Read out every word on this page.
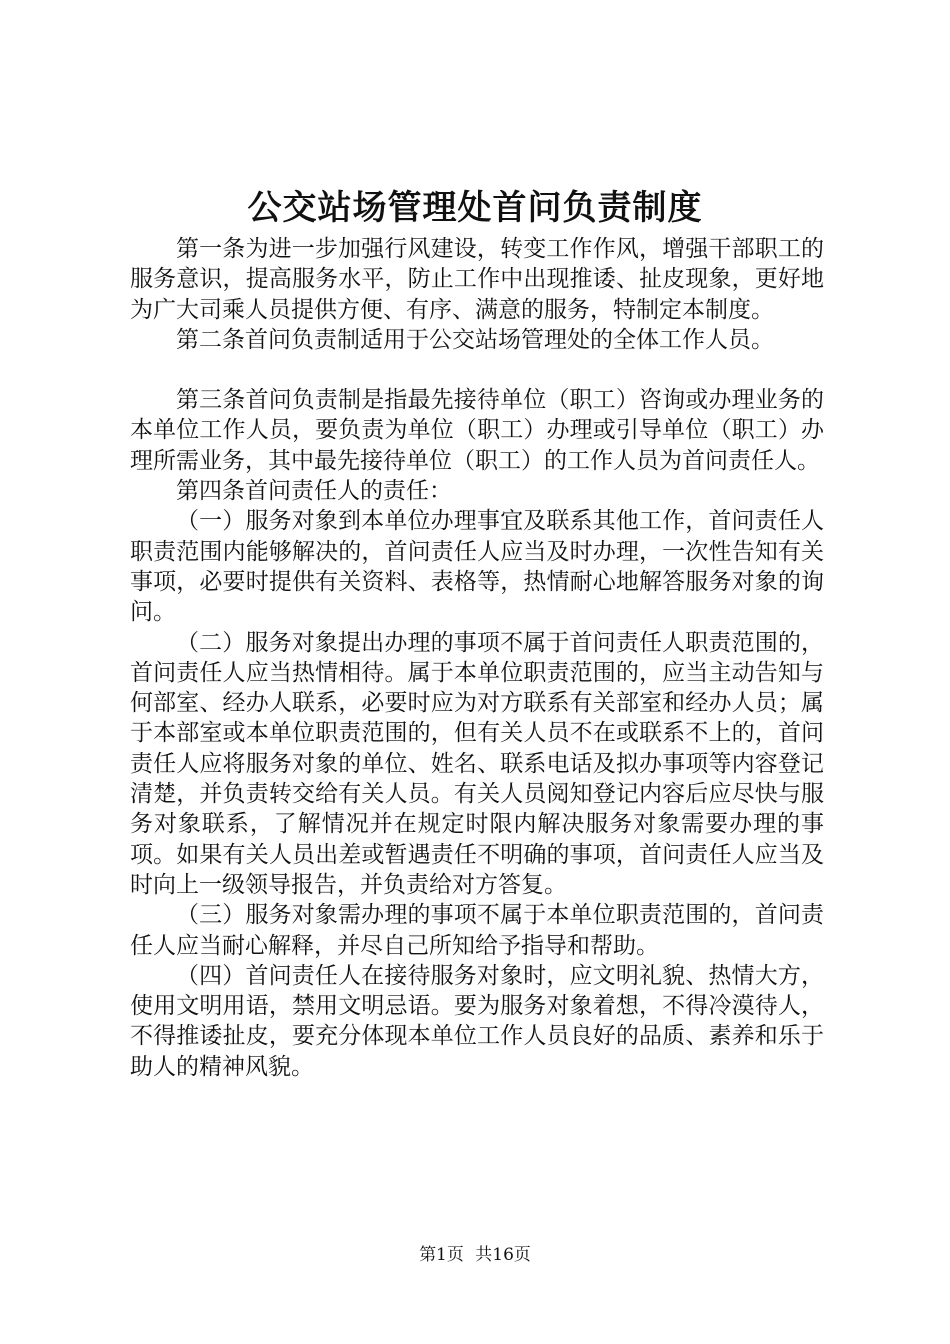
公交站场管理处首问负责制度

第一条为进一步加强行风建设，转变工作作风，增强干部职工的服务意识，提高服务水平，防止工作中出现推诿、扯皮现象，更好地为广大司乘人员提供方便、有序、满意的服务，特制定本制度。

第二条首问负责制适用于公交站场管理处的全体工作人员。

第三条首问负责制是指最先接待单位（职工）咨询或办理业务的本单位工作人员，要负责为单位（职工）办理或引导单位（职工）办理所需业务，其中最先接待单位（职工）的工作人员为首问责任人。

第四条首问责任人的责任：

（一）服务对象到本单位办理事宜及联系其他工作，首问责任人职责范围内能够解决的，首问责任人应当及时办理，一次性告知有关事项，必要时提供有关资料、表格等，热情耐心地解答服务对象的询问。

（二）服务对象提出办理的事项不属于首问责任人职责范围的，首问责任人应当热情相待。属于本单位职责范围的，应当主动告知与何部室、经办人联系，必要时应为对方联系有关部室和经办人员；属于本部室或本单位职责范围的，但有关人员不在或联系不上的，首问责任人应将服务对象的单位、姓名、联系电话及拟办事项等内容登记清楚，并负责转交给有关人员。有关人员阅知登记内容后应尽快与服务对象联系，了解情况并在规定时限内解决服务对象需要办理的事项。如果有关人员出差或暂遇责任不明确的事项，首问责任人应当及时向上一级领导报告，并负责给对方答复。

（三）服务对象需办理的事项不属于本单位职责范围的，首问责任人应当耐心解释，并尽自己所知给予指导和帮助。

（四）首问责任人在接待服务对象时，应文明礼貌、热情大方，使用文明用语，禁用文明忌语。要为服务对象着想，不得冷漠待人，不得推诿扯皮，要充分体现本单位工作人员良好的品质、素养和乐于助人的精神风貌。

第1页 共16页
